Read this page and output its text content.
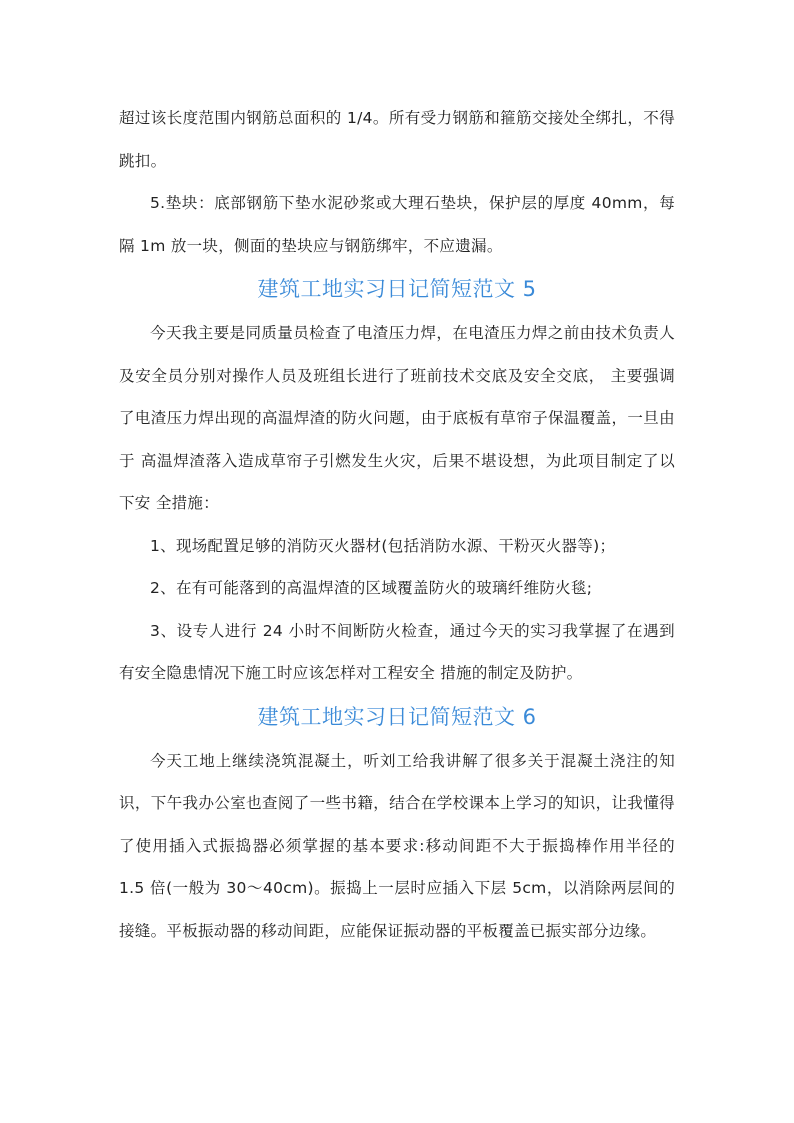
超过该长度范围内钢筋总面积的 1/4。所有受力钢筋和箍筋交接处全绑扎，不得跳扣。

5.垫块：底部钢筋下垫水泥砂浆或大理石垫块，保护层的厚度 40mm，每 隔 1m 放一块，侧面的垫块应与钢筋绑牢，不应遗漏。

建筑工地实习日记简短范文 5

今天我主要是同质量员检查了电渣压力焊，在电渣压力焊之前由技术负责人 及安全员分别对操作人员及班组长进行了班前技术交底及安全交底， 主要强调了电渣压力焊出现的高温焊渣的防火问题，由于底板有草帘子保温覆盖，一旦由于 高温焊渣落入造成草帘子引燃发生火灾，后果不堪设想，为此项目制定了以下安 全措施：

1、现场配置足够的消防灭火器材(包括消防水源、干粉灭火器等)；

2、在有可能落到的高温焊渣的区域覆盖防火的玻璃纤维防火毯;

3、设专人进行 24 小时不间断防火检查，通过今天的实习我掌握了在遇到有安全隐患情况下施工时应该怎样对工程安全 措施的制定及防护。

建筑工地实习日记简短范文 6

今天工地上继续浇筑混凝土，听刘工给我讲解了很多关于混凝土浇注的知识，下午我办公室也查阅了一些书籍，结合在学校课本上学习的知识，让我懂得了使用插入式振捣器必须掌握的基本要求:移动间距不大于振捣棒作用半径的 1.5 倍(一般为 30～40cm)。振捣上一层时应插入下层 5cm，以消除两层间的接缝。平板振动器的移动间距，应能保证振动器的平板覆盖已振实部分边缘。
